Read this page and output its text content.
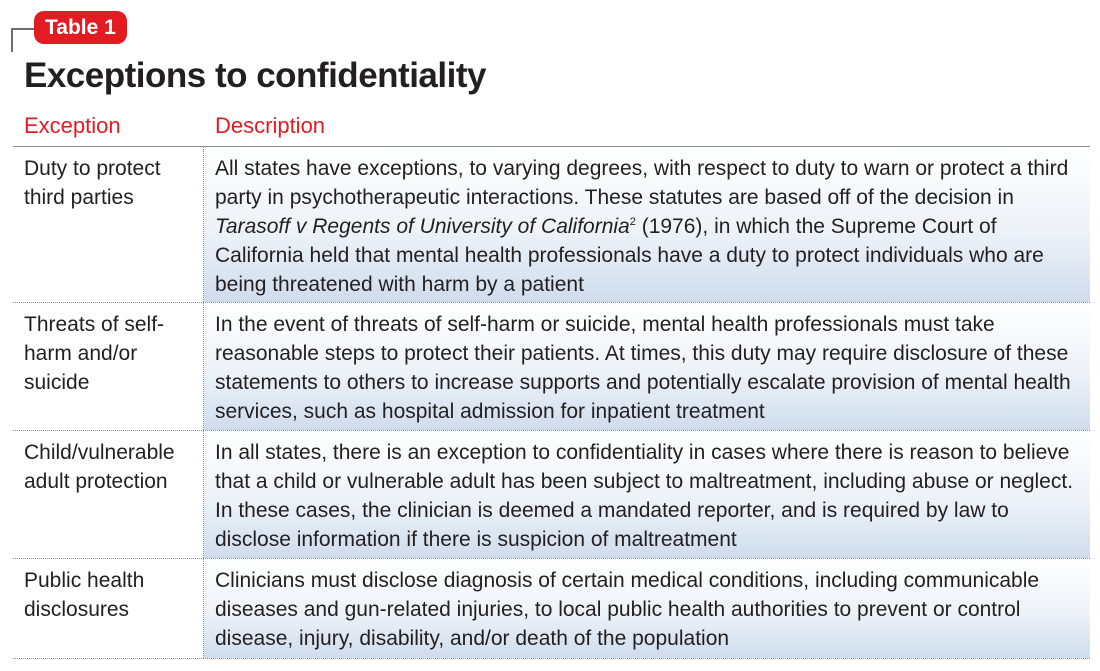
Table 1
Exceptions to confidentiality
Exception	Description
Duty to protect third parties
All states have exceptions, to varying degrees, with respect to duty to warn or protect a third party in psychotherapeutic interactions. These statutes are based off of the decision in Tarasoff v Regents of University of California$^2$ (1976), in which the Supreme Court of California held that mental health professionals have a duty to protect individuals who are being threatened with harm by a patient
Threats of self-harm and/or suicide
In the event of threats of self-harm or suicide, mental health professionals must take reasonable steps to protect their patients. At times, this duty may require disclosure of these statements to others to increase supports and potentially escalate provision of mental health services, such as hospital admission for inpatient treatment
Child/vulnerable adult protection
In all states, there is an exception to confidentiality in cases where there is reason to believe that a child or vulnerable adult has been subject to maltreatment, including abuse or neglect. In these cases, the clinician is deemed a mandated reporter, and is required by law to disclose information if there is suspicion of maltreatment
Public health disclosures
Clinicians must disclose diagnosis of certain medical conditions, including communicable diseases and gun-related injuries, to local public health authorities to prevent or control disease, injury, disability, and/or death of the population
